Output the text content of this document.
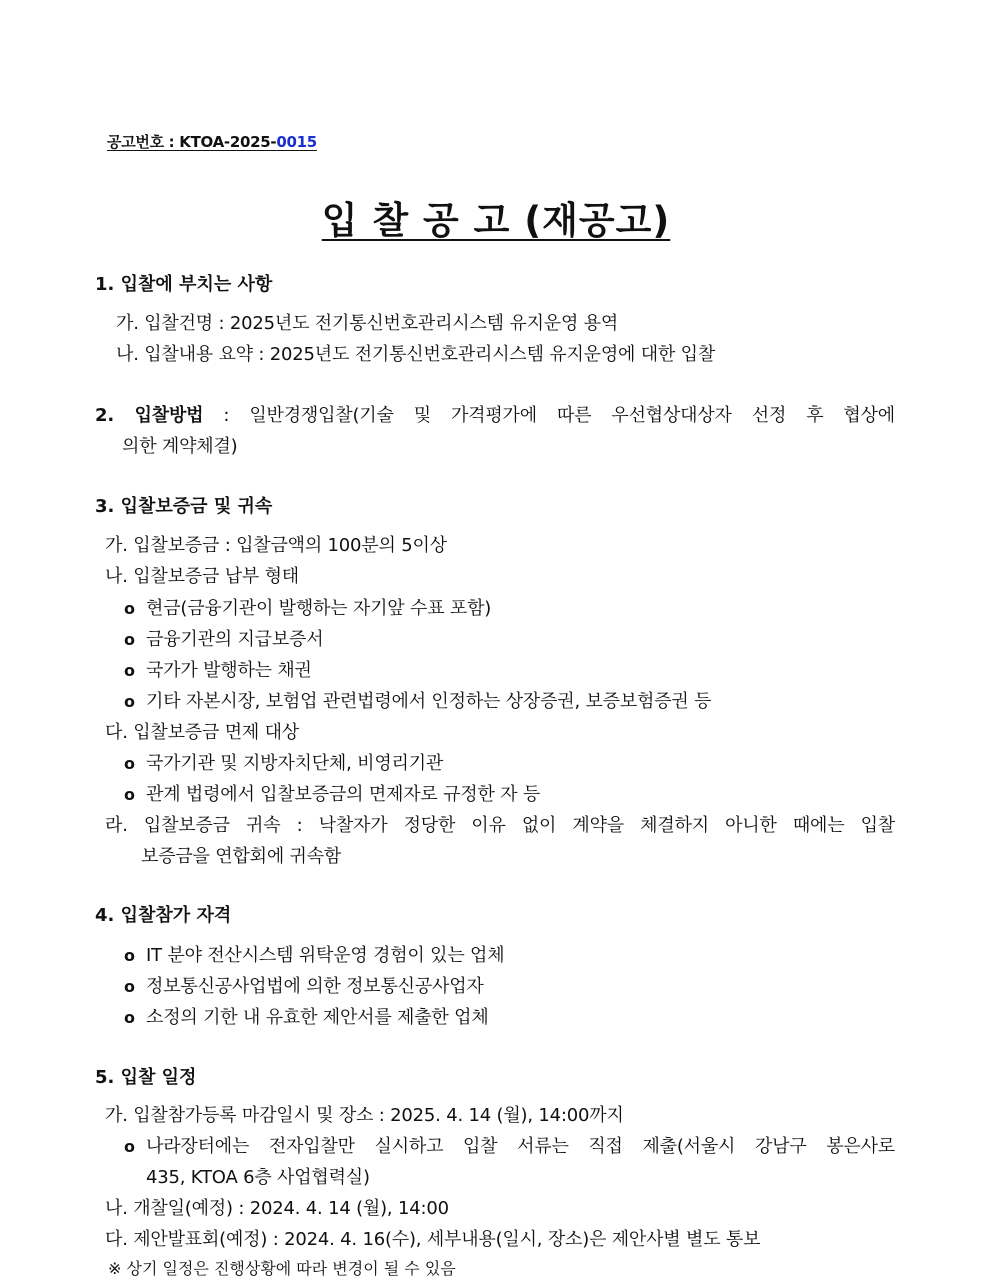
공고번호 : KTOA-2025-0015
입 찰 공 고 (재공고)
1. 입찰에 부치는 사항
가. 입찰건명 : 2025년도 전기통신번호관리시스템 유지운영 용역
나. 입찰내용 요약 : 2025년도 전기통신번호관리시스템 유지운영에 대한 입찰
2. 입찰방법 : 일반경쟁입찰(기술 및 가격평가에 따른 우선협상대상자 선정 후 협상에
의한 계약체결)
3. 입찰보증금 및 귀속
가. 입찰보증금 : 입찰금액의 100분의 5이상
나. 입찰보증금 납부 형태
o 현금(금융기관이 발행하는 자기앞 수표 포함)
o 금융기관의 지급보증서
o 국가가 발행하는 채권
o 기타 자본시장, 보험업 관련법령에서 인정하는 상장증권, 보증보험증권 등
다. 입찰보증금 면제 대상
o 국가기관 및 지방자치단체, 비영리기관
o 관계 법령에서 입찰보증금의 면제자로 규정한 자 등
라. 입찰보증금 귀속 : 낙찰자가 정당한 이유 없이 계약을 체결하지 아니한 때에는 입찰
보증금을 연합회에 귀속함
4. 입찰참가 자격
o IT 분야 전산시스템 위탁운영 경험이 있는 업체
o 정보통신공사업법에 의한 정보통신공사업자
o 소정의 기한 내 유효한 제안서를 제출한 업체
5. 입찰 일정
가. 입찰참가등록 마감일시 및 장소 : 2025. 4. 14 (월), 14:00까지
o 나라장터에는 전자입찰만 실시하고 입찰 서류는 직접 제출(서울시 강남구 봉은사로
435, KTOA 6층 사업협력실)
나. 개찰일(예정) : 2024. 4. 14 (월), 14:00
다. 제안발표회(예정) : 2024. 4. 16(수), 세부내용(일시, 장소)은 제안사별 별도 통보
※ 상기 일정은 진행상황에 따라 변경이 될 수 있음
